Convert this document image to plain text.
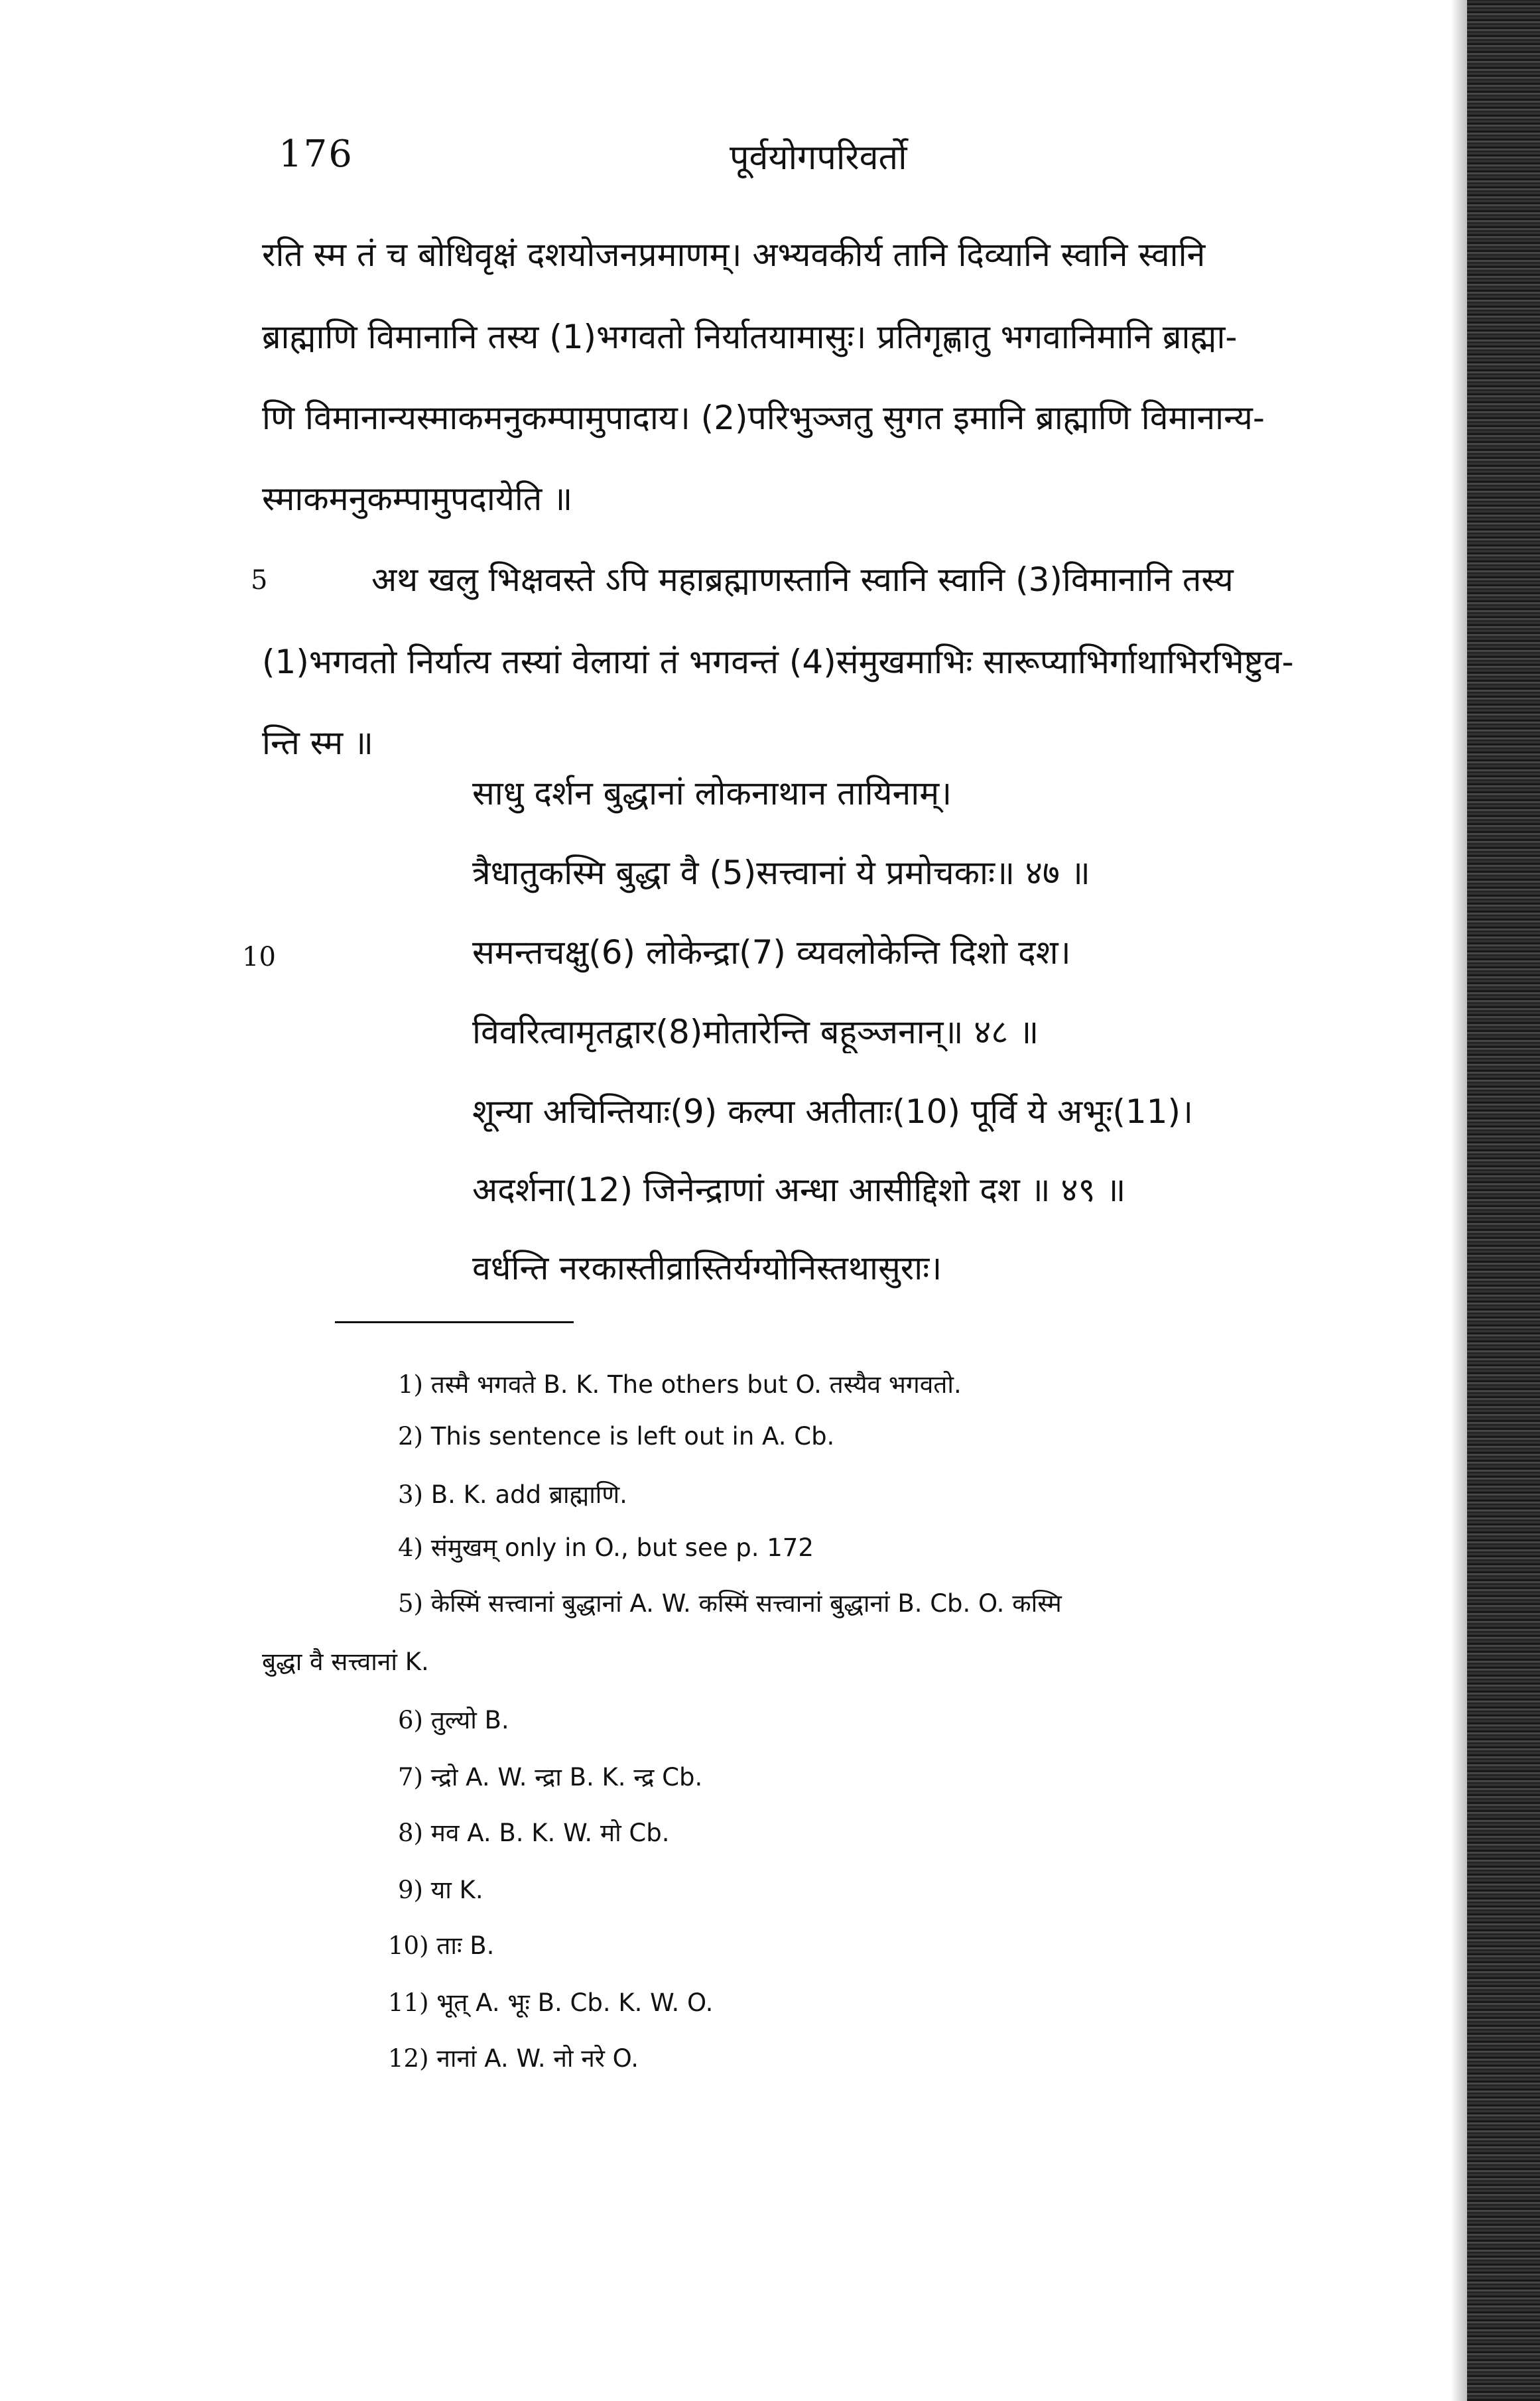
176	पूर्वयोगपरिवर्तो
रति स्म तं च बोधिवृक्षं दशयोजनप्रमाणम्। अभ्यवकीर्य तानि दिव्यानि स्वानि स्वानि
ब्राह्माणि विमानानि तस्य (1)भगवतो निर्यातयामासुः। प्रतिगृह्णातु भगवानिमानि ब्राह्मा-
णि विमानान्यस्माकमनुकम्पामुपादाय। (2)परिभुञ्जतु सुगत इमानि ब्राह्माणि विमानान्य-
स्माकमनुकम्पामुपदायेति ॥
5	अथ खलु भिक्षवस्ते ऽपि महाब्रह्माणस्तानि स्वानि स्वानि (3)विमानानि तस्य
(1)भगवतो निर्यात्य तस्यां वेलायां तं भगवन्तं (4)संमुखमाभिः सारूप्याभिर्गाथाभिरभिष्टुव-
न्ति स्म ॥
साधु दर्शन बुद्धानां लोकनाथान तायिनाम्।
त्रैधातुकस्मि बुद्धा वै (5)सत्त्वानां ये प्रमोचकाः॥ ४७ ॥
10	समन्तचक्षु(6) लोकेन्द्रा(7) व्यवलोकेन्ति दिशो दश।
विवरित्वामृतद्वार(8)मोतारेन्ति बहूञ्जनान्॥ ४८ ॥
शून्या अचिन्तियाः(9) कल्पा अतीताः(10) पूर्वि ये अभूः(11)।
अदर्शना(12) जिनेन्द्राणां अन्धा आसीद्दिशो दश ॥ ४९ ॥
वर्धन्ति नरकास्तीव्रास्तिर्यग्योनिस्तथासुराः।
1) तस्मै भगवते B. K. The others but O. तस्यैव भगवतो.
2) This sentence is left out in A. Cb.
3) B. K. add ब्राह्माणि.
4) संमुखम् only in O., but see p. 172
5) केस्मिं सत्त्वानां बुद्धानां A. W. कस्मिं सत्त्वानां बुद्धानां B. Cb. O. कस्मि
बुद्धा वै सत्त्वानां K.
6) तुल्यो B.
7) न्द्रो A. W. न्द्रा B. K. न्द्र Cb.
8) मव A. B. K. W. मो Cb.
9) या K.
10) ताः B.
11) भूत् A. भूः B. Cb. K. W. O.
12) नानां A. W. नो नरे O.
